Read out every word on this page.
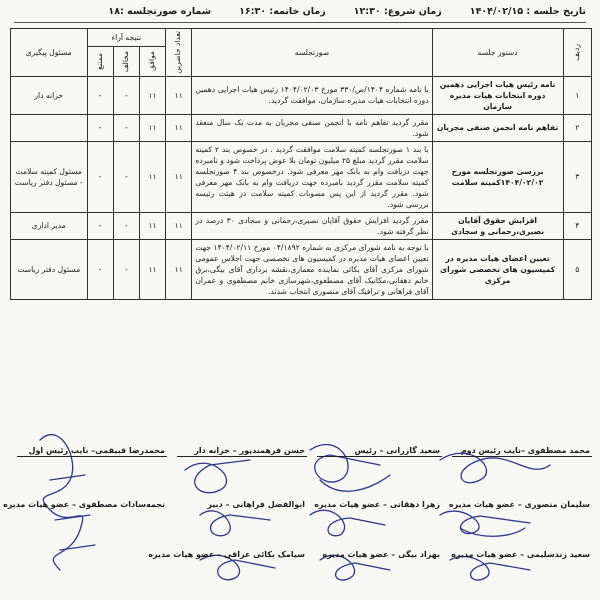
تاریخ جلسه : ۱۴۰۴/۰۲/۱۵
زمان شروع: ۱۲:۳۰
زمان خاتمه: ۱۶:۳۰
شماره صورتجلسه :۱۸
ردیف	دستور جلسه	صورتجلسه	تعداد حاضرین	نتیجه آراء			مسئول پیگیری

				موافق	مخالف	ممتنع	

۱	نامه رئیس هیات اجرایی دهمین دوره انتخابات هیات مدیره سازمان	با نامه شماره ۱۴۰۴/ص/۳۳۰ مورخ ۱۴۰۴/۰۲/۰۳ رئیس هیات اجرایی دهمین دوره انتخابات هیات مدیره سازمان، موافقت گردید.	۱۱	۱۱	-	-	خزانه دار
۲	تفاهم نامه انجمن صنفی مجریان	مقرر گردید تفاهم نامه با انجمن صنفی مجریان به مدت یک سال منعقد شود.	۱۱	۱۱	-	-	
۳	بررسی صورتجلسه مورخ ۱۴۰۴/۰۲/۰۲کمیته سلامت	با بند ۱ صورتجلسه کمیته سلامت موافقت گردید . در خصوص بند ۲ کمیته سلامت مقرر گردید مبلغ ۲۵ میلیون تومان بلا عوض پرداخت شود و نامبرده جهت دریافت وام به بانک مهر معرفی شود. درخصوص بند ۴ صورتجلسه کمیته سلامت مقرر گردید نامبرده جهت دریافت وام به بانک مهر معرفی شود. مقرر گردید از این پس مصوبات کمیته سلامت در هیئت رئیسه بررسی شود.	۱۱	۱۱	-	-	مسئول کمیته سلامت - مسئول دفتر ریاست
۴	افزایش حقوق آقایان نصیری،رحمانی و سجادی	مقرر گردید افزایش حقوق آقایان نصیری،رحمانی و سجادی ۳۰ درصد در نظر گرفته شود.	۱۱	۱۱	-	-	مدیر اداری
۵	تعیین اعضای هیات مدیره در کمیسیون های تخصصی شورای مرکزی	با توجه به نامه شورای مرکزی به شماره ۰۴/۱۸۹۲ مورخ ۱۴۰۴/۰۲/۱۱ جهت تعیین اعضای هیات مدیره در کمیسیون های تخصصی جهت اجلاس عمومی شورای مرکزی آقای بکائی نماینده معماری،نقشه برداری آقای بیگی،برق خانم دهقانی،مکانیک آقای مصطفوی،شهرسازی خانم مصطفوی و عمران آقای فراهانی و ترافیک آقای منصوری انتخاب شدند.	۱۱	۱۱	-	-	مسئول دفتر ریاست
محمد مصطفوی –نایب رئیس دوم
سعید گازرانی – رئیس
حسن فرهمندپور – خزانه دار
محمدرضا قبیقمی– نایب رئیس اول
سلیمان منصوری – عضو هیات مدیره
زهرا دهقانی – عضو هیات مدیره
ابوالفضل فراهانی – دبیر
نجمه‌سادات مصطفوی – عضو هیات مدیره
سعید زندسلیمی – عضو هیات مدیره
بهزاد بیگی – عضو هیات مدیره
سیامک بکائی عراقی – عضو هیات مدیره
